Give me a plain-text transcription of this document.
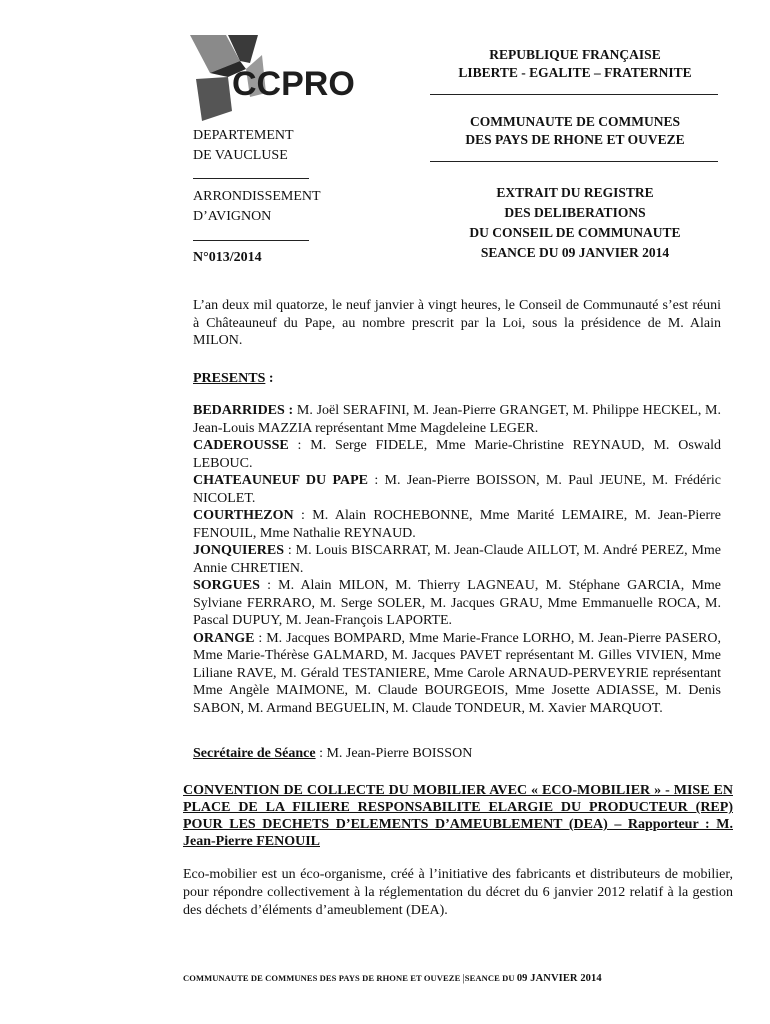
CCPRO
REPUBLIQUE FRANÇAISE
LIBERTE - EGALITE – FRATERNITE
COMMUNAUTE DE COMMUNES
DES PAYS DE RHONE ET OUVEZE
EXTRAIT DU REGISTRE
DES DELIBERATIONS
DU CONSEIL DE COMMUNAUTE
SEANCE DU 09 JANVIER 2014
DEPARTEMENT
DE VAUCLUSE
ARRONDISSEMENT
D’AVIGNON
N°013/2014
L’an deux mil quatorze, le neuf janvier à vingt heures, le Conseil de Communauté s’est réuni à Châteauneuf du Pape, au nombre prescrit par la Loi, sous la présidence de M. Alain MILON.
PRESENTS :

BEDARRIDES : M. Joël SERAFINI, M. Jean-Pierre GRANGET, M. Philippe HECKEL, M. Jean-Louis MAZZIA représentant Mme Magdeleine LEGER.

CADEROUSSE : M. Serge FIDELE, Mme Marie-Christine REYNAUD, M. Oswald LEBOUC.

CHATEAUNEUF DU PAPE : M. Jean-Pierre BOISSON, M. Paul JEUNE, M. Frédéric NICOLET.

COURTHEZON : M. Alain ROCHEBONNE, Mme Marité LEMAIRE, M. Jean-Pierre FENOUIL, Mme Nathalie REYNAUD.

JONQUIERES : M. Louis BISCARRAT, M. Jean-Claude AILLOT, M. André PEREZ, Mme Annie CHRETIEN.

SORGUES : M. Alain MILON, M. Thierry LAGNEAU, M. Stéphane GARCIA, Mme Sylviane FERRARO, M. Serge SOLER, M. Jacques GRAU, Mme Emmanuelle ROCA, M. Pascal DUPUY, M. Jean-François LAPORTE.

ORANGE : M. Jacques BOMPARD, Mme Marie-France LORHO, M. Jean-Pierre PASERO, Mme Marie-Thérèse GALMARD, M. Jacques PAVET représentant M. Gilles VIVIEN, Mme Liliane RAVE, M. Gérald TESTANIERE, Mme Carole ARNAUD-PERVEYRIE représentant Mme Angèle MAIMONE, M. Claude BOURGEOIS, Mme Josette ADIASSE, M. Denis SABON, M. Armand BEGUELIN, M. Claude TONDEUR, M. Xavier MARQUOT.

Secrétaire de Séance : M. Jean-Pierre BOISSON
CONVENTION DE COLLECTE DU MOBILIER AVEC « ECO-MOBILIER » - MISE EN PLACE DE LA FILIERE RESPONSABILITE ELARGIE DU PRODUCTEUR (REP) POUR LES DECHETS D’ELEMENTS D’AMEUBLEMENT (DEA) – Rapporteur : M. Jean-Pierre FENOUIL
Eco-mobilier est un éco-organisme, créé à l’initiative des fabricants et distributeurs de mobilier, pour répondre collectivement à la réglementation du décret du 6 janvier 2012 relatif à la gestion des déchets d’éléments d’ameublement (DEA).
COMMUNAUTE DE COMMUNES DES PAYS DE RHONE ET OUVEZE |SEANCE DU 09 JANVIER 2014
